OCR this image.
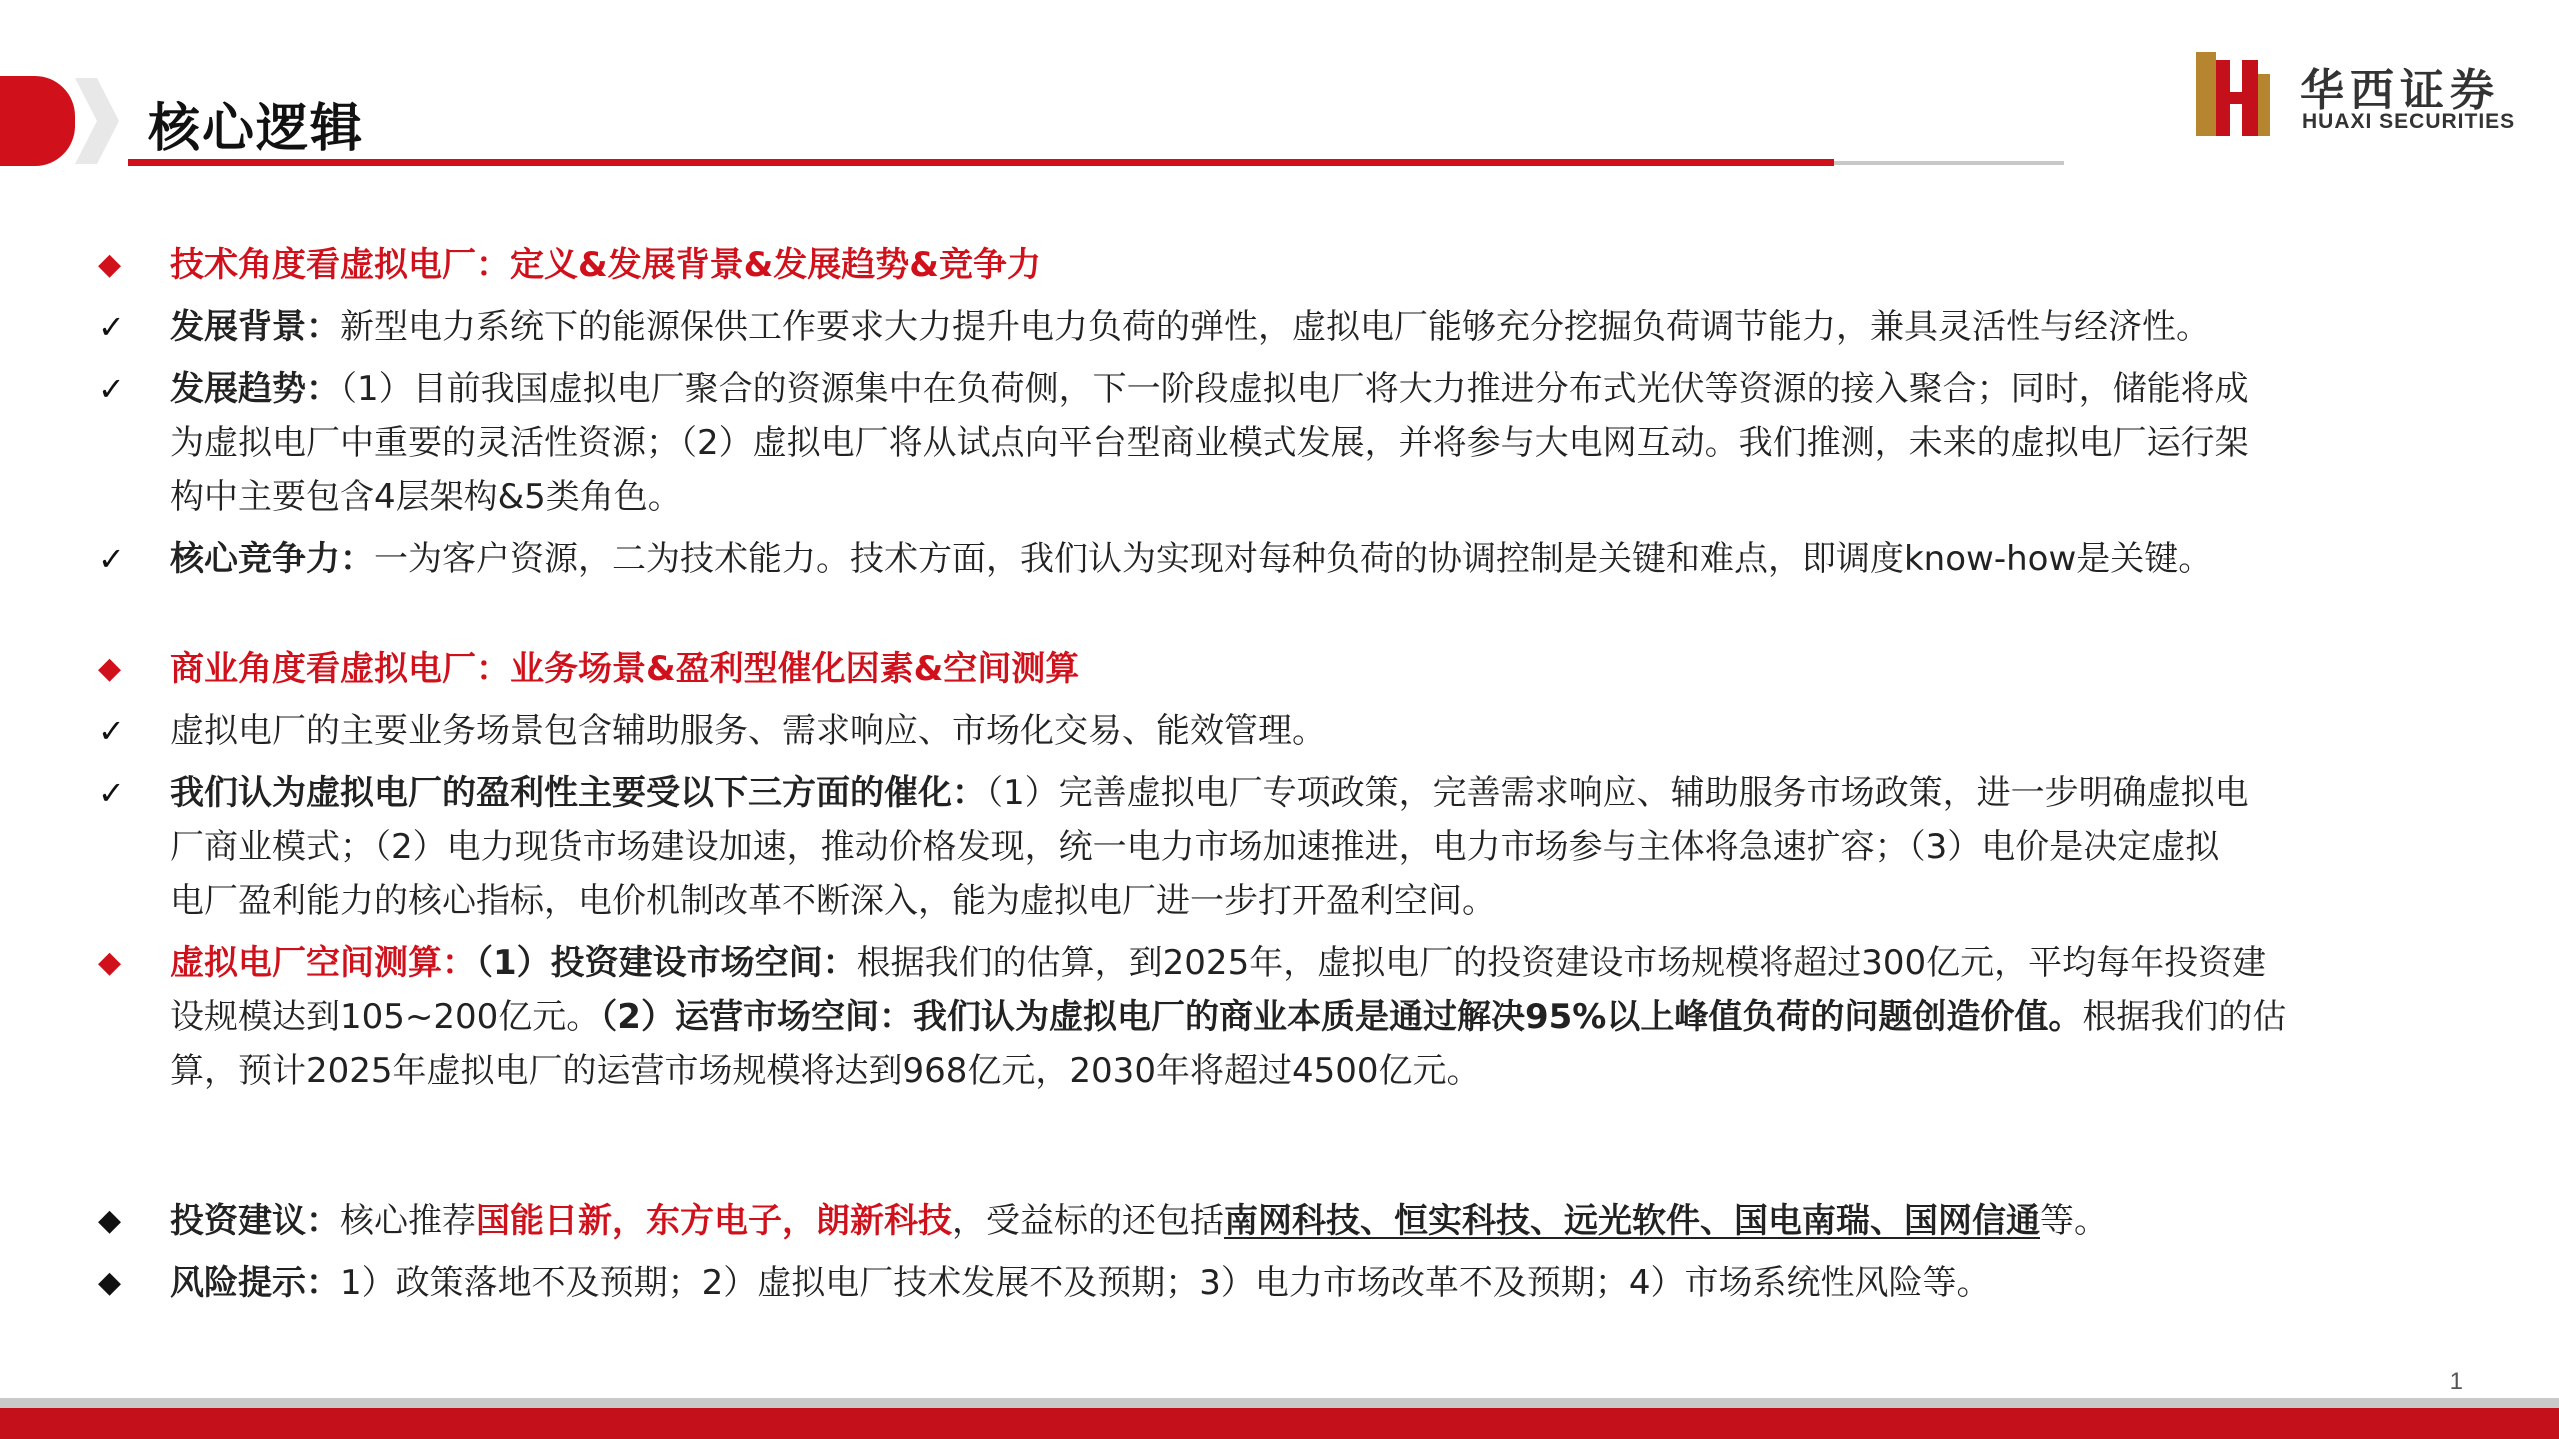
核心逻辑
华西证券
HUAXI SECURITIES
◆	技术角度看虚拟电厂：定义&发展背景&发展趋势&竞争力
✓	发展背景：新型电力系统下的能源保供工作要求大力提升电力负荷的弹性，虚拟电厂能够充分挖掘负荷调节能力，兼具灵活性与经济性。
✓	发展趋势：（1）目前我国虚拟电厂聚合的资源集中在负荷侧，下一阶段虚拟电厂将大力推进分布式光伏等资源的接入聚合；同时，储能将成
为虚拟电厂中重要的灵活性资源；（2）虚拟电厂将从试点向平台型商业模式发展，并将参与大电网互动。我们推测，未来的虚拟电厂运行架
构中主要包含4层架构&5类角色。
✓	核心竞争力：一为客户资源，二为技术能力。技术方面，我们认为实现对每种负荷的协调控制是关键和难点，即调度know-how是关键。
◆	商业角度看虚拟电厂：业务场景&盈利型催化因素&空间测算
✓	虚拟电厂的主要业务场景包含辅助服务、需求响应、市场化交易、能效管理。
✓	我们认为虚拟电厂的盈利性主要受以下三方面的催化：（1）完善虚拟电厂专项政策，完善需求响应、辅助服务市场政策，进一步明确虚拟电
厂商业模式；（2）电力现货市场建设加速，推动价格发现，统一电力市场加速推进，电力市场参与主体将急速扩容；（3）电价是决定虚拟
电厂盈利能力的核心指标，电价机制改革不断深入，能为虚拟电厂进一步打开盈利空间。
◆	虚拟电厂空间测算：（1）投资建设市场空间：根据我们的估算，到2025年，虚拟电厂的投资建设市场规模将超过300亿元，平均每年投资建
设规模达到105~200亿元。（2）运营市场空间：我们认为虚拟电厂的商业本质是通过解决95%以上峰值负荷的问题创造价值。根据我们的估
算，预计2025年虚拟电厂的运营市场规模将达到968亿元，2030年将超过4500亿元。
◆	投资建议：核心推荐国能日新，东方电子，朗新科技，受益标的还包括南网科技、恒实科技、远光软件、国电南瑞、国网信通等。
◆	风险提示：1）政策落地不及预期；2）虚拟电厂技术发展不及预期；3）电力市场改革不及预期；4）市场系统性风险等。
1
